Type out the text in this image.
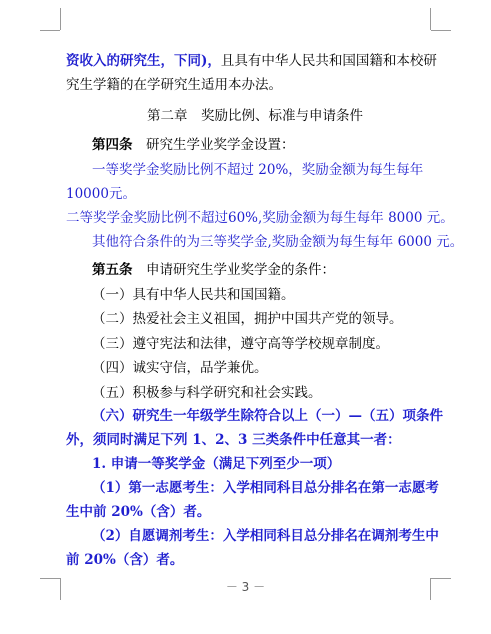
资收入的研究生，下同)，且具有中华人民共和国国籍和本校研
究生学籍的在学研究生适用本办法。
第二章　奖励比例、标准与申请条件
第四条　研究生学业奖学金设置：
一等奖学金奖励比例不超过 20%，奖励金额为每生每年
10000元。
二等奖学金奖励比例不超过60%,奖励金额为每生每年 8000 元。
其他符合条件的为三等奖学金,奖励金额为每生每年 6000 元。
第五条　申请研究生学业奖学金的条件：
（一）具有中华人民共和国国籍。
（二）热爱社会主义祖国，拥护中国共产党的领导。
（三）遵守宪法和法律，遵守高等学校规章制度。
（四）诚实守信，品学兼优。
（五）积极参与科学研究和社会实践。
（六）研究生一年级学生除符合以上（一）—（五）项条件
外，须同时满足下列 1、2、3 三类条件中任意其一者：
1. 申请一等奖学金（满足下列至少一项）
（1）第一志愿考生：入学相同科目总分排名在第一志愿考
生中前 20%（含）者。
（2）自愿调剂考生：入学相同科目总分排名在调剂考生中
前 20%（含）者。
－ 3 －
